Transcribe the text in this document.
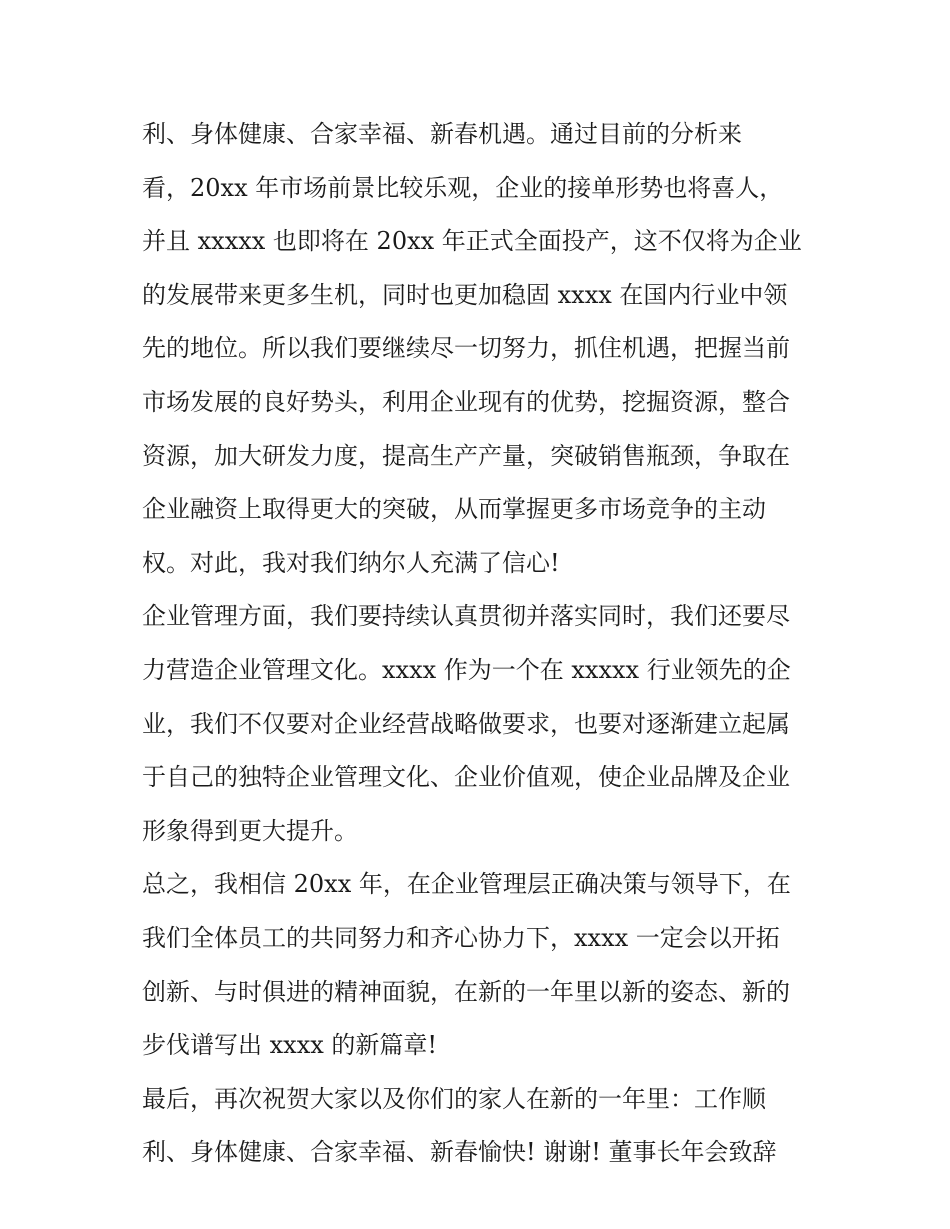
利、身体健康、合家幸福、新春机遇。通过目前的分析来
看，20xx 年市场前景比较乐观，企业的接单形势也将喜人，
并且 xxxxx 也即将在 20xx 年正式全面投产，这不仅将为企业
的发展带来更多生机，同时也更加稳固 xxxx 在国内行业中领
先的地位。所以我们要继续尽一切努力，抓住机遇，把握当前
市场发展的良好势头，利用企业现有的优势，挖掘资源，整合
资源，加大研发力度，提高生产产量，突破销售瓶颈，争取在
企业融资上取得更大的突破，从而掌握更多市场竞争的主动
权。对此，我对我们纳尔人充满了信心!
企业管理方面，我们要持续认真贯彻并落实同时，我们还要尽
力营造企业管理文化。xxxx 作为一个在 xxxxx 行业领先的企
业，我们不仅要对企业经营战略做要求，也要对逐渐建立起属
于自己的独特企业管理文化、企业价值观，使企业品牌及企业
形象得到更大提升。
总之，我相信 20xx 年，在企业管理层正确决策与领导下，在
我们全体员工的共同努力和齐心协力下，xxxx 一定会以开拓
创新、与时俱进的精神面貌，在新的一年里以新的姿态、新的
步伐谱写出 xxxx 的新篇章!
最后，再次祝贺大家以及你们的家人在新的一年里：工作顺
利、身体健康、合家幸福、新春愉快! 谢谢! 董事长年会致辞
